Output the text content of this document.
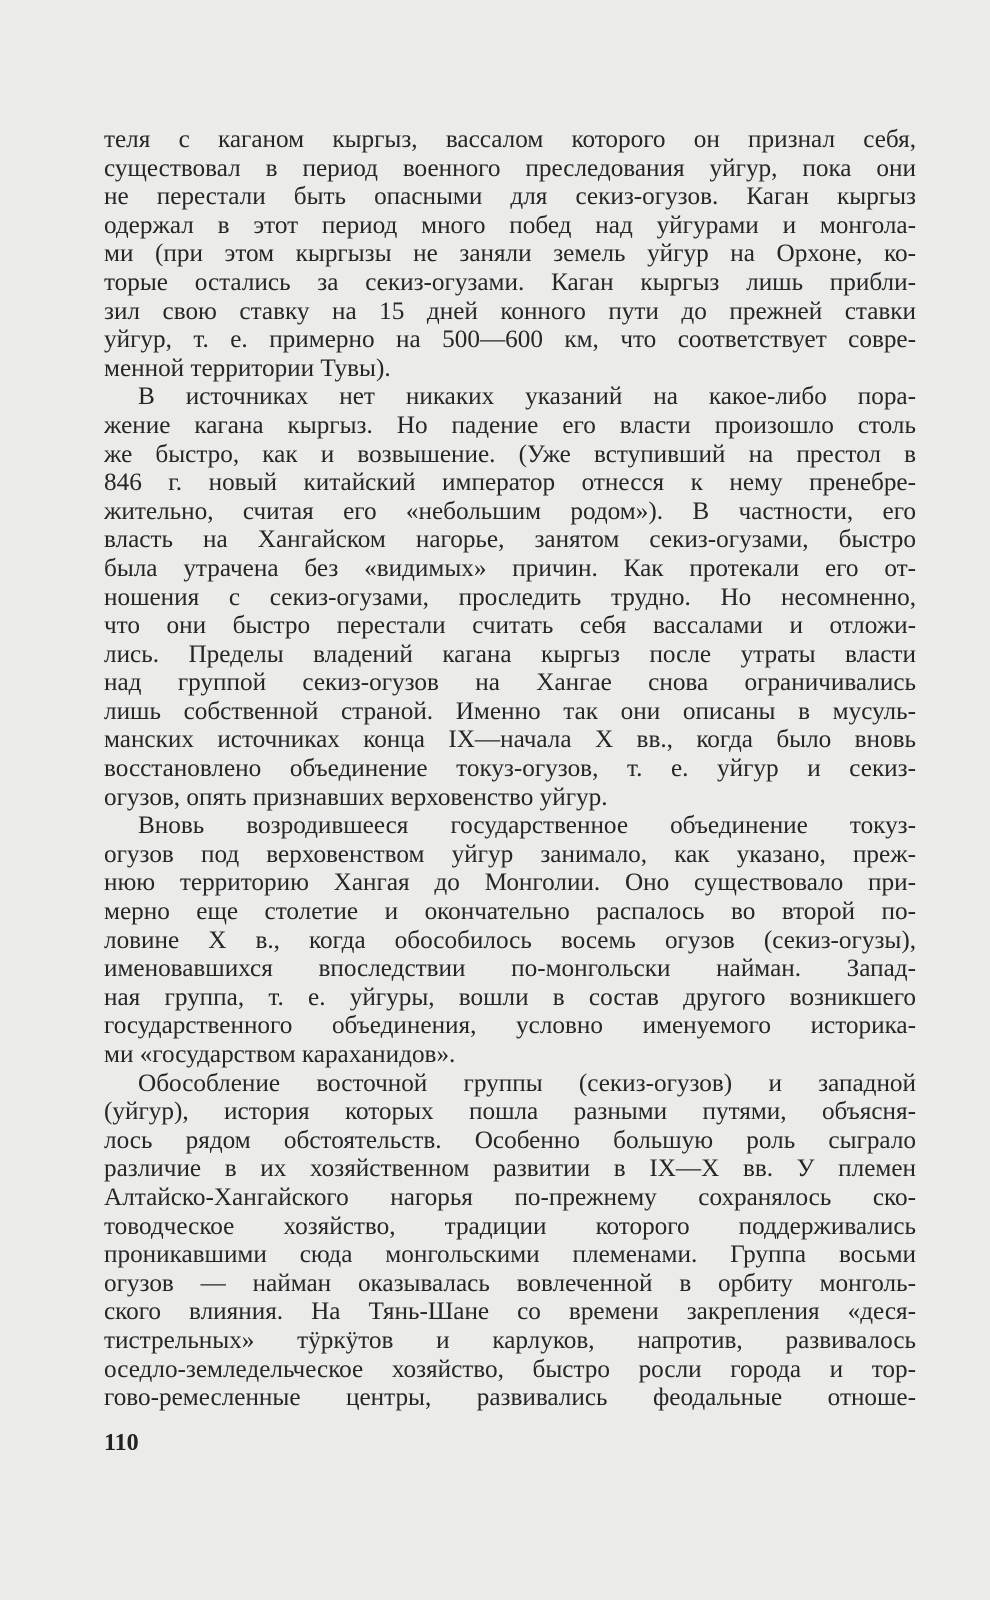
теля с каганом кыргыз, вассалом которого он признал себя,
существовал в период военного преследования уйгур, пока они
не перестали быть опасными для секиз-огузов. Каган кыргыз
одержал в этот период много побед над уйгурами и монгола-
ми (при этом кыргызы не заняли земель уйгур на Орхоне, ко-
торые остались за секиз-огузами. Каган кыргыз лишь прибли-
зил свою ставку на 15 дней конного пути до прежней ставки
уйгур, т. е. примерно на 500—600 км, что соответствует совре-
менной территории Тувы).
В источниках нет никаких указаний на какое-либо пора-
жение кагана кыргыз. Но падение его власти произошло столь
же быстро, как и возвышение. (Уже вступивший на престол в
846 г. новый китайский император отнесся к нему пренебре-
жительно, считая его «небольшим родом»). В частности, его
власть на Хангайском нагорье, занятом секиз-огузами, быстро
была утрачена без «видимых» причин. Как протекали его от-
ношения с секиз-огузами, проследить трудно. Но несомненно,
что они быстро перестали считать себя вассалами и отложи-
лись. Пределы владений кагана кыргыз после утраты власти
над группой секиз-огузов на Хангае снова ограничивались
лишь собственной страной. Именно так они описаны в мусуль-
манских источниках конца IX—начала X вв., когда было вновь
восстановлено объединение токуз-огузов, т. е. уйгур и секиз-
огузов, опять признавших верховенство уйгур.
Вновь возродившееся государственное объединение токуз-
огузов под верховенством уйгур занимало, как указано, преж-
нюю территорию Хангая до Монголии. Оно существовало при-
мерно еще столетие и окончательно распалось во второй по-
ловине X в., когда обособилось восемь огузов (секиз-огузы),
именовавшихся впоследствии по-монгольски найман. Запад-
ная группа, т. е. уйгуры, вошли в состав другого возникшего
государственного объединения, условно именуемого историка-
ми «государством караханидов».
Обособление восточной группы (секиз-огузов) и западной
(уйгур), история которых пошла разными путями, объясня-
лось рядом обстоятельств. Особенно большую роль сыграло
различие в их хозяйственном развитии в IX—X вв. У племен
Алтайско-Хангайского нагорья по-прежнему сохранялось ско-
товодческое хозяйство, традиции которого поддерживались
проникавшими сюда монгольскими племенами. Группа восьми
огузов — найман оказывалась вовлеченной в орбиту монголь-
ского влияния. На Тянь-Шане со времени закрепления «деся-
тистрельных» тӱркӱтов и карлуков, напротив, развивалось
оседло-земледельческое хозяйство, быстро росли города и тор-
гово-ремесленные центры, развивались феодальные отноше-
110
